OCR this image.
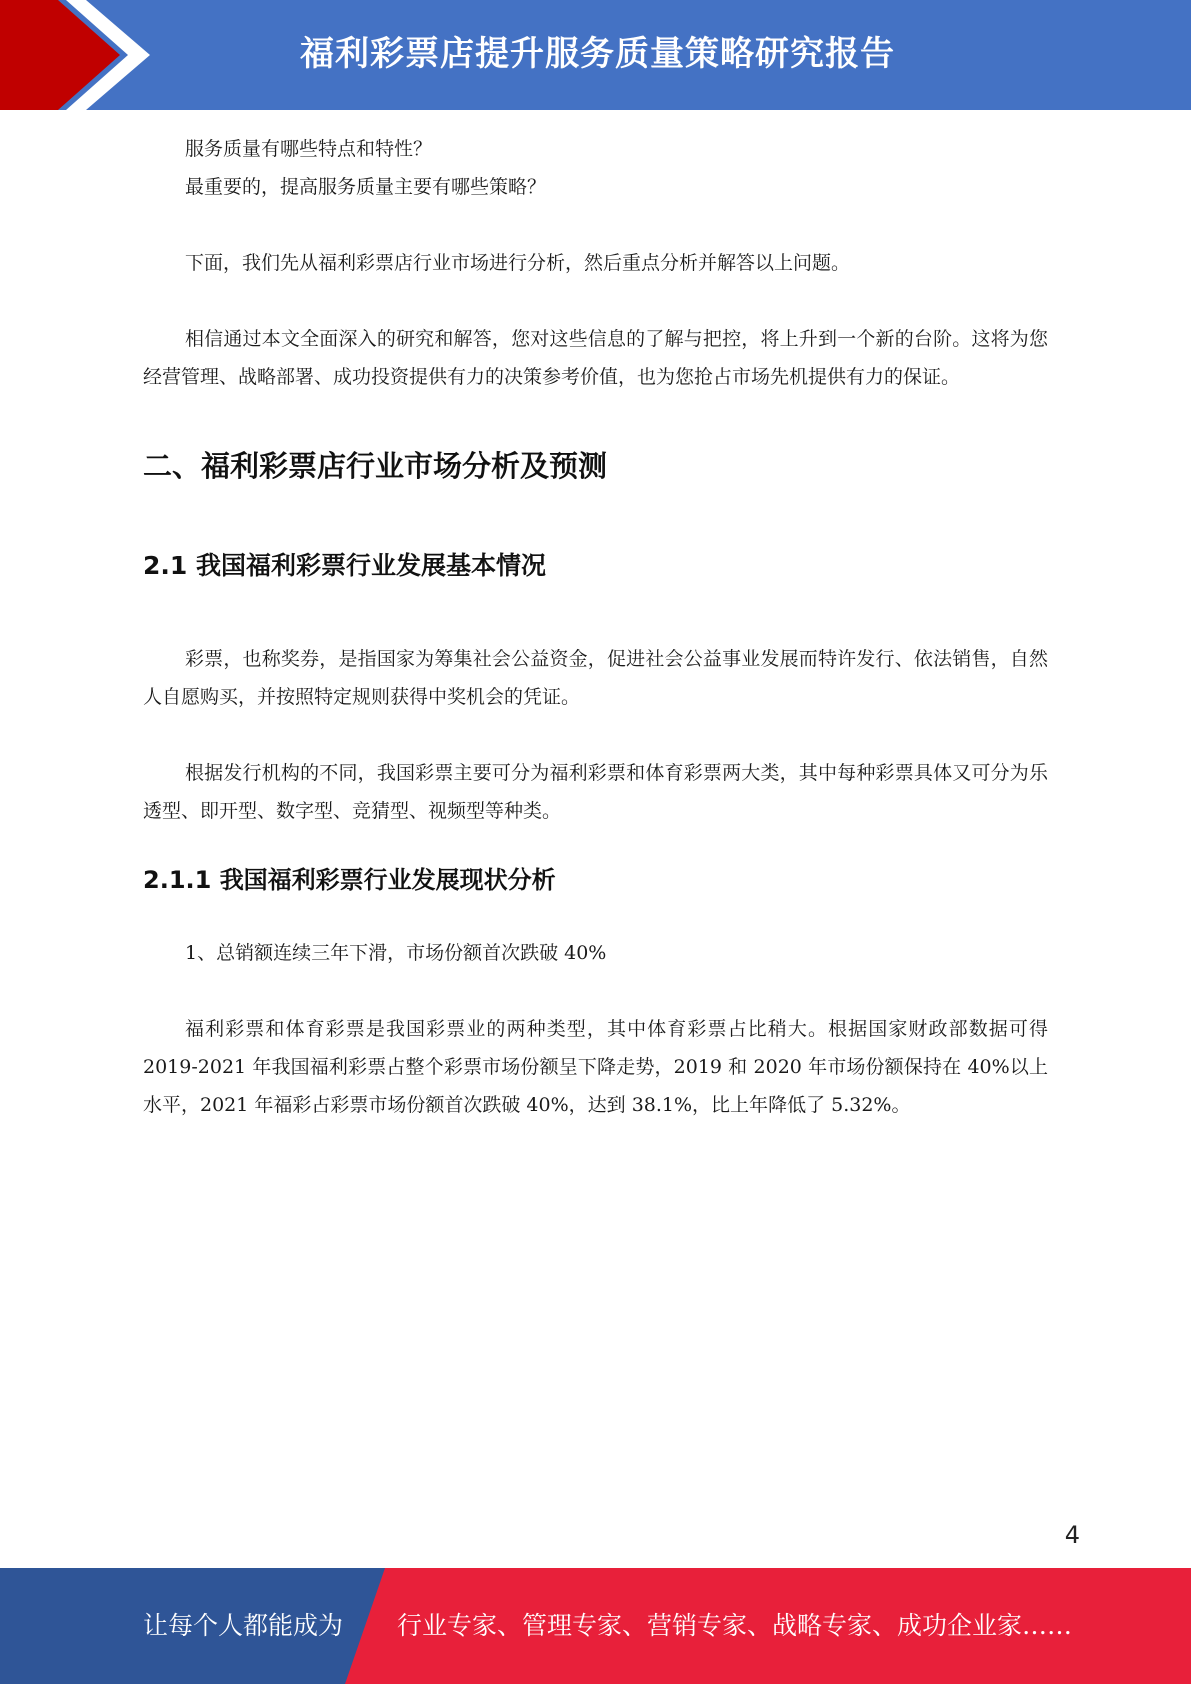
福利彩票店提升服务质量策略研究报告

服务质量有哪些特点和特性？

最重要的，提高服务质量主要有哪些策略？

下面，我们先从福利彩票店行业市场进行分析，然后重点分析并解答以上问题。

相信通过本文全面深入的研究和解答，您对这些信息的了解与把控，将上升到一个新的台阶。这将为您经营管理、战略部署、成功投资提供有力的决策参考价值，也为您抢占市场先机提供有力的保证。

二、福利彩票店行业市场分析及预测
2.1 我国福利彩票行业发展基本情况

彩票，也称奖券，是指国家为筹集社会公益资金，促进社会公益事业发展而特许发行、依法销售，自然人自愿购买，并按照特定规则获得中奖机会的凭证。

根据发行机构的不同，我国彩票主要可分为福利彩票和体育彩票两大类，其中每种彩票具体又可分为乐透型、即开型、数字型、竞猜型、视频型等种类。

2.1.1 我国福利彩票行业发展现状分析

1、总销额连续三年下滑，市场份额首次跌破 40%

福利彩票和体育彩票是我国彩票业的两种类型，其中体育彩票占比稍大。根据国家财政部数据可得 2019-2021 年我国福利彩票占整个彩票市场份额呈下降走势，2019 和 2020 年市场份额保持在 40%以上水平，2021 年福彩占彩票市场份额首次跌破 40%，达到 38.1%，比上年降低了 5.32%。

4
让每个人都能成为 行业专家、管理专家、营销专家、战略专家、成功企业家……
